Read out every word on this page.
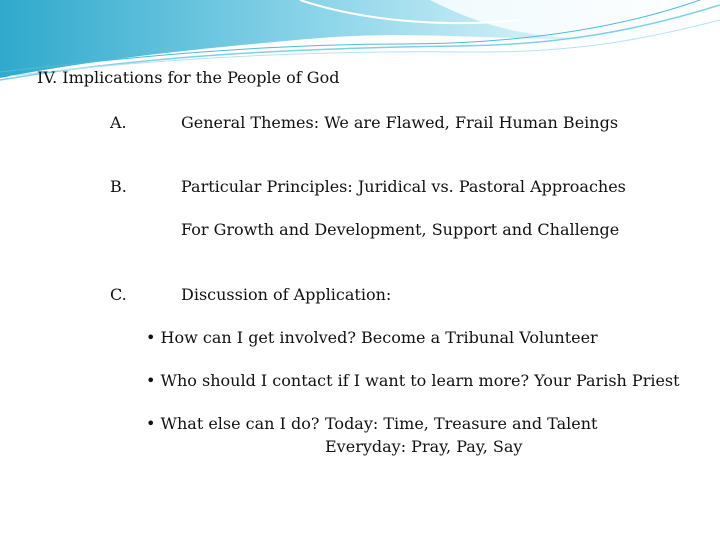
IV. Implications for the People of God
A.	General Themes: We are Flawed, Frail Human Beings
B.	Particular Principles: Juridical vs. Pastoral Approaches
For Growth and Development, Support and Challenge
C.	Discussion of Application:
• How can I get involved? Become a Tribunal Volunteer
• Who should I contact if I want to learn more? Your Parish Priest
• What else can I do? Today: Time, Treasure and Talent
Everyday: Pray, Pay, Say
